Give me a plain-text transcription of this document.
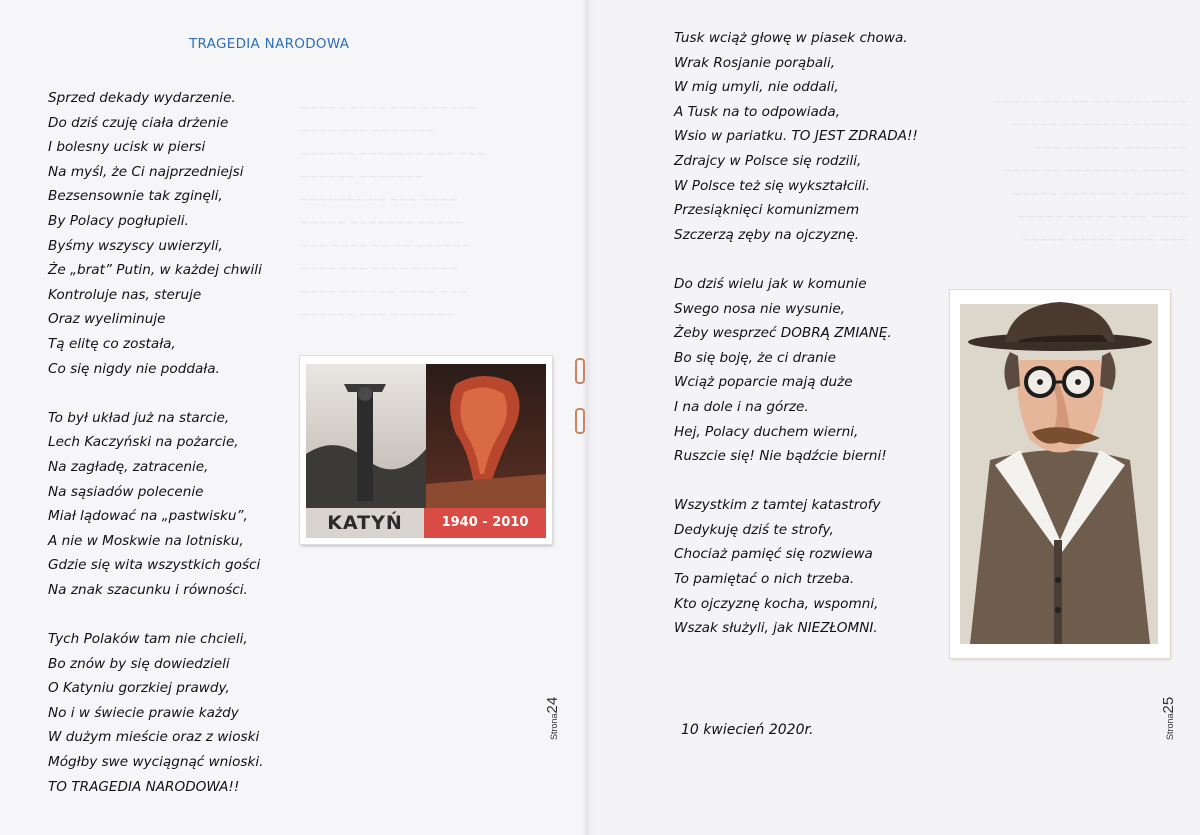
~~~~~ ~~~~ ~~~ ~~~~~~
~~~~ ~~~ ~~~~~~~
~~~~~~ ~~~~~~~ ~~~ ~~~
~~~~~~ ~~~~~~~
~~~~~~~ ~~ ~~~ ~~~~
~~~~~ ~~~~~~~ ~~~~~
~~~ ~~~~ ~~ ~~ ~~~~~~
~~~~ ~~~ ~~~~ ~~~~~
~~~~ ~~~~~~ ~~~~ ~~~
~~~~~~ ~~~ ~~~~~~~
TRAGEDIA NARODOWA

Sprzed dekady wydarzenie.

Do dziś czuję ciała drżenie

I bolesny ucisk w piersi

Na myśl, że Ci najprzedniejsi

Bezsensownie tak zginęli,

By Polacy pogłupieli.

Byśmy wszyscy uwierzyli,

Że „brat” Putin, w każdej chwili

Kontroluje nas, steruje

Oraz wyeliminuje

Tą elitę co została,

Co się nigdy nie poddała.

To był układ już na starcie,

Lech Kaczyński na pożarcie,

Na zagładę, zatracenie,

Na sąsiadów polecenie

Miał lądować na „pastwisku”,

A nie w Moskwie na lotnisku,

Gdzie się wita wszystkich gości

Na znak szacunku i równości.

Tych Polaków tam nie chcieli,

Bo znów by się dowiedzieli

O Katyniu gorzkiej prawdy,

No i w świecie prawie każdy

W dużym mieście oraz z wioski

Mógłby swe wyciągnąć wnioski.

TO TRAGEDIA NARODOWA!!

KATYŃ	1940 - 2010
Strona24
~~~~~ ~~~~~ ~~ ~~~~~~~~
~~~~~ ~~ ~~~~~ ~~~~~~
~~~ ~~~~~~ ~~~~~~~
~~~~ ~~ ~~~~~~~~ ~~~~~
~~~~~ ~~~~~~ ~ ~~~~~~
~~~~~ ~~~~ ~ ~~~ ~~~~
~~~~~ ~~~~~ ~~~~ ~~~

Tusk wciąż głowę w piasek chowa.

Wrak Rosjanie porąbali,

W mig umyli, nie oddali,

A Tusk na to odpowiada,

Wsio w pariatku. TO JEST ZDRADA!!

Zdrajcy w Polsce się rodzili,

W Polsce też się wykształcili.

Przesiąknięci komunizmem

Szczerzą zęby na ojczyznę.

Do dziś wielu jak w komunie

Swego nosa nie wysunie,

Żeby wesprzeć DOBRĄ ZMIANĘ.

Bo się boję, że ci dranie

Wciąż poparcie mają duże

I na dole i na górze.

Hej, Polacy duchem wierni,

Ruszcie się! Nie bądźcie bierni!

Wszystkim z tamtej katastrofy

Dedykuję dziś te strofy,

Chociaż pamięć się rozwiewa

To pamiętać o nich trzeba.

Kto ojczyznę kocha, wspomni,

Wszak służyli, jak NIEZŁOMNI.

Strona25
10 kwiecień 2020r.
